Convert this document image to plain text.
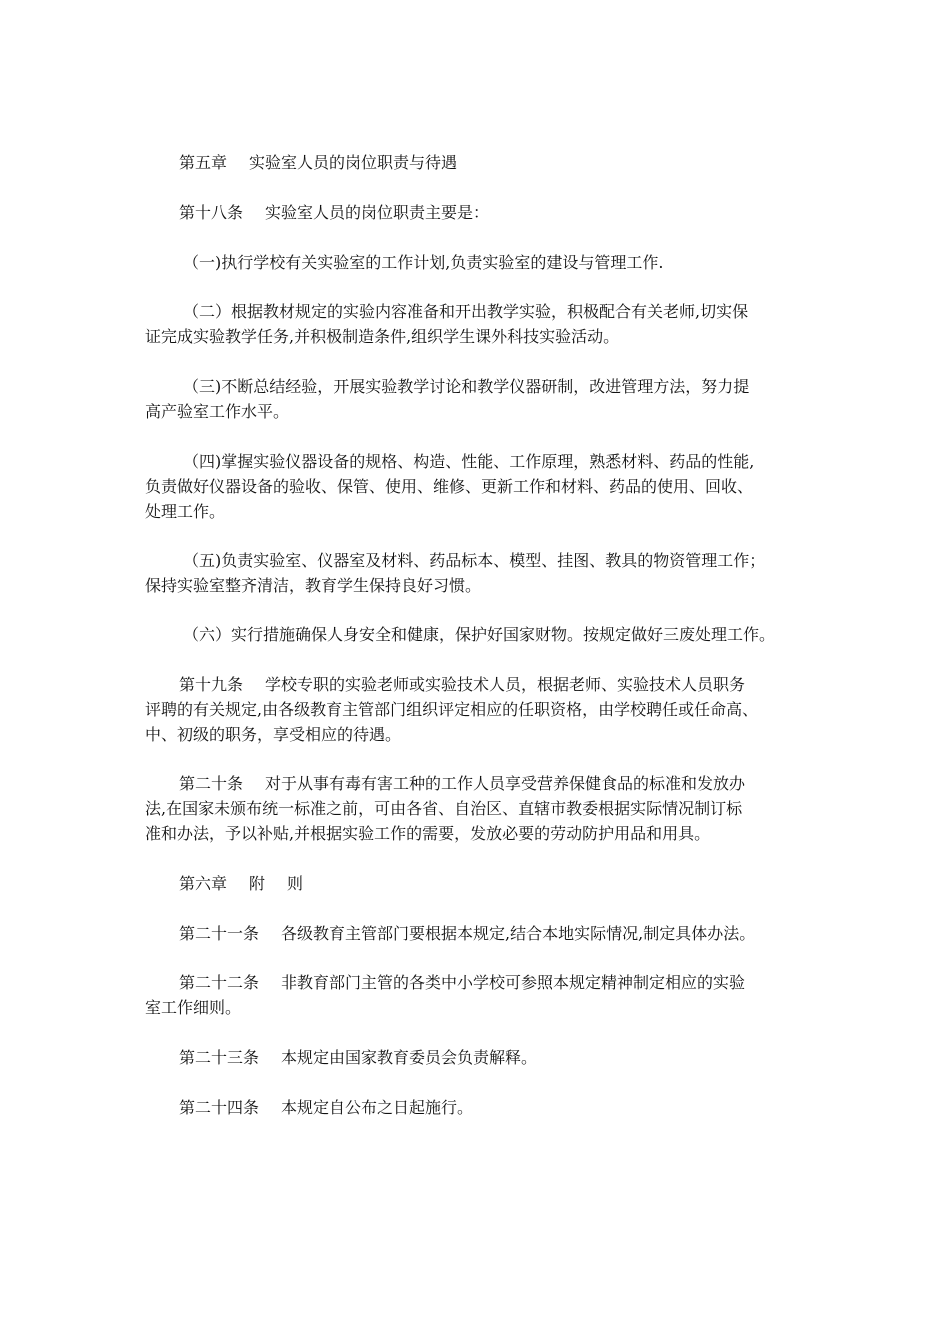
第五章 实验室人员的岗位职责与待遇
第十八条 实验室人员的岗位职责主要是：
（一)执行学校有关实验室的工作计划,负责实验室的建设与管理工作.
（二）根据教材规定的实验内容准备和开出教学实验，积极配合有关老师,切实保
证完成实验教学任务,并积极制造条件,组织学生课外科技实验活动。
（三)不断总结经验，开展实验教学讨论和教学仪器研制，改进管理方法，努力提
高产验室工作水平。
（四)掌握实验仪器设备的规格、构造、性能、工作原理，熟悉材料、药品的性能,
负责做好仪器设备的验收、保管、使用、维修、更新工作和材料、药品的使用、回收、
处理工作。
（五)负责实验室、仪器室及材料、药品标本、模型、挂图、教具的物资管理工作；
保持实验室整齐清洁，教育学生保持良好习惯。
（六）实行措施确保人身安全和健康，保护好国家财物。按规定做好三废处理工作。
第十九条 学校专职的实验老师或实验技术人员，根据老师、实验技术人员职务
评聘的有关规定,由各级教育主管部门组织评定相应的任职资格，由学校聘任或任命高、
中、初级的职务，享受相应的待遇。
第二十条 对于从事有毒有害工种的工作人员享受营养保健食品的标准和发放办
法,在国家未颁布统一标准之前，可由各省、自治区、直辖市教委根据实际情况制订标
准和办法，予以补贴,并根据实验工作的需要，发放必要的劳动防护用品和用具。
第六章 附 则
第二十一条 各级教育主管部门要根据本规定,结合本地实际情况,制定具体办法。
第二十二条 非教育部门主管的各类中小学校可参照本规定精神制定相应的实验
室工作细则。
第二十三条 本规定由国家教育委员会负责解释。
第二十四条 本规定自公布之日起施行。
